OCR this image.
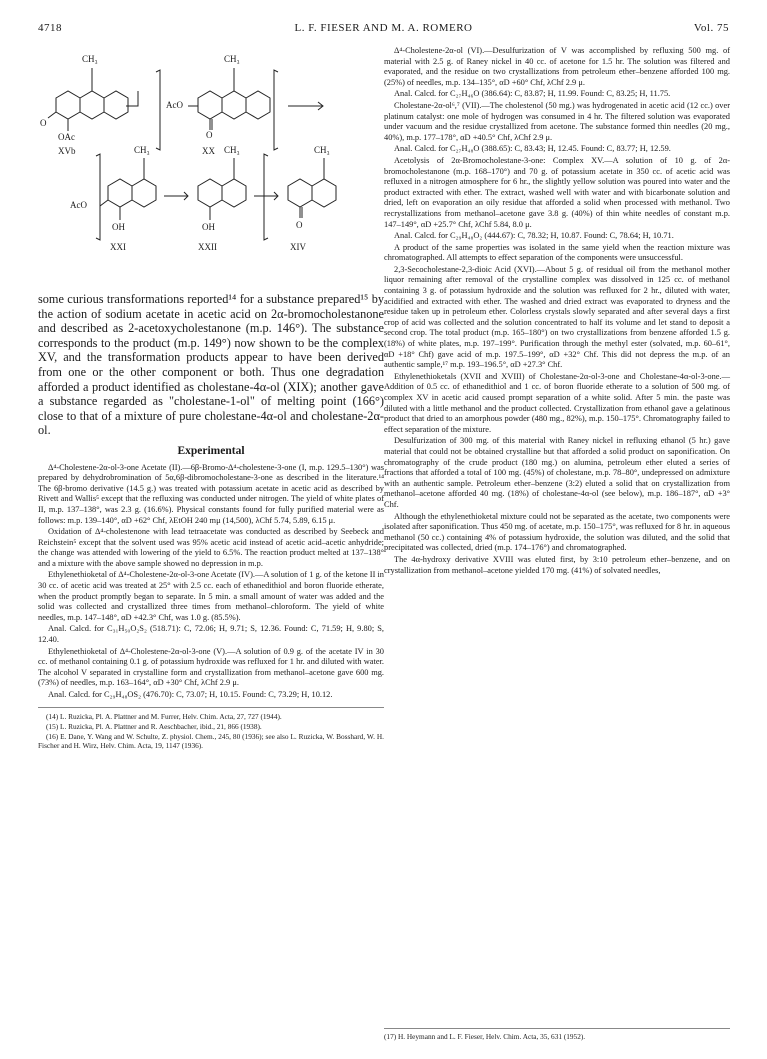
4718	L. F. FIESER AND M. A. ROMERO	Vol. 75
CH₃	CH₃
O
OAc
XVb
AcO
O
XX
CH₃	CH₃	CH₃
AcO
OH	OH	O
XXI	XXII	XIV
some curious transformations reported¹⁴ for a substance prepared¹⁵ by the action of sodium acetate in acetic acid on 2α-bromocholestanone and described as 2-acetoxycholestanone (m.p. 146°). The substance corresponds to the product (m.p. 149°) now shown to be the complex XV, and the transformation products appear to have been derived from one or the other component or both. Thus one degradation afforded a product identified as cholestane-4α-ol (XIX); another gave a substance regarded as "cholestane-1-ol" of melting point (166°) close to that of a mixture of pure cholestane-4α-ol and cholestane-2α-ol.
Experimental

Δ⁴-Cholestene-2α-ol-3-one Acetate (II).—6β-Bromo-Δ⁴-cholestene-3-one (I, m.p. 129.5–130°) was prepared by dehydrobromination of 5α,6β-dibromocholestane-3-one as described in the literature.¹⁴ The 6β-bromo derivative (14.5 g.) was treated with potassium acetate in acetic acid as described by Rivett and Wallis⁵ except that the refluxing was conducted under nitrogen. The yield of white plates of II, m.p. 137–138°, was 2.3 g. (16.6%). Physical constants found for fully purified material were as follows: m.p. 139–140°, αD +62° Chf, λEtOH 240 mμ (14,500), λChf 5.74, 5.89, 6.15 μ.

Oxidation of Δ⁴-cholestenone with lead tetraacetate was conducted as described by Seebeck and Reichstein⁵ except that the solvent used was 95% acetic acid instead of acetic acid–acetic anhydride; the change was attended with lowering of the yield to 6.5%. The reaction product melted at 137–138° and a mixture with the above sample showed no depression in m.p.

Ethylenethioketal of Δ⁴-Cholestene-2α-ol-3-one Acetate (IV).—A solution of 1 g. of the ketone II in 30 cc. of acetic acid was treated at 25° with 2.5 cc. each of ethanedithiol and boron fluoride etherate, when the product promptly began to separate. In 5 min. a small amount of water was added and the solid was collected and crystallized three times from methanol–chloroform. The yield of white needles, m.p. 147–148°, αD +42.3° Chf, was 1.0 g. (85.5%).

Anal. Calcd. for C₃₁H₅₀O₂S₂ (518.71): C, 72.06; H, 9.71; S, 12.36. Found: C, 71.59; H, 9.80; S, 12.40.

Ethylenethioketal of Δ⁴-Cholestene-2α-ol-3-one (V).—A solution of 0.9 g. of the acetate IV in 30 cc. of methanol containing 0.1 g. of potassium hydroxide was refluxed for 1 hr. and diluted with water. The alcohol V separated in crystalline form and crystallization from methanol–acetone gave 600 mg. (73%) of needles, m.p. 163–164°, αD +30° Chf, λChf 2.9 μ.

Anal. Calcd. for C₂₉H₄₈OS₂ (476.70): C, 73.07; H, 10.15. Found: C, 73.29; H, 10.12.

(14) L. Ruzicka, Pl. A. Plattner and M. Furrer, Helv. Chim. Acta, 27, 727 (1944).

(15) L. Ruzicka, Pl. A. Plattner and R. Aeschbacher, ibid., 21, 866 (1938).

(16) E. Dane, Y. Wang and W. Schulte, Z. physiol. Chem., 245, 80 (1936); see also L. Ruzicka, W. Bosshard, W. H. Fischer and H. Wirz, Helv. Chim. Acta, 19, 1147 (1936).

Δ⁴-Cholestene-2α-ol (VI).—Desulfurization of V was accomplished by refluxing 500 mg. of material with 2.5 g. of Raney nickel in 40 cc. of acetone for 1.5 hr. The solution was filtered and evaporated, and the residue on two crystallizations from petroleum ether–benzene afforded 100 mg. (25%) of needles, m.p. 134–135°, αD +60° Chf, λChf 2.9 μ.

Anal. Calcd. for C₂₇H₄₆O (386.64): C, 83.87; H, 11.99. Found: C, 83.25; H, 11.75.

Cholestane-2α-ol⁶,⁷ (VII).—The cholestenol (50 mg.) was hydrogenated in acetic acid (12 cc.) over platinum catalyst: one mole of hydrogen was consumed in 4 hr. The filtered solution was evaporated under vacuum and the residue crystallized from acetone. The substance formed thin needles (20 mg., 40%), m.p. 177–178°, αD +40.5° Chf, λChf 2.9 μ.

Anal. Calcd. for C₂₇H₄₈O (388.65): C, 83.43; H, 12.45. Found: C, 83.77; H, 12.59.

Acetolysis of 2α-Bromocholestane-3-one: Complex XV.—A solution of 10 g. of 2α-bromocholestanone (m.p. 168–170°) and 70 g. of potassium acetate in 350 cc. of acetic acid was refluxed in a nitrogen atmosphere for 6 hr., the slightly yellow solution was poured into water and the product extracted with ether. The extract, washed well with water and with bicarbonate solution and dried, left on evaporation an oily residue that afforded a solid when processed with methanol. Two recrystallizations from methanol–acetone gave 3.8 g. (40%) of thin white needles of constant m.p. 147–149°, αD +25.7° Chf, λChf 5.84, 8.0 μ.

Anal. Calcd. for C₂₉H₄₈O₂ (444.67): C, 78.32; H, 10.87. Found: C, 78.64; H, 10.71.

A product of the same properties was isolated in the same yield when the reaction mixture was chromatographed. All attempts to effect separation of the components were unsuccessful.

2,3-Secocholestane-2,3-dioic Acid (XVI).—About 5 g. of residual oil from the methanol mother liquor remaining after removal of the crystalline complex was dissolved in 125 cc. of methanol containing 3 g. of potassium hydroxide and the solution was refluxed for 2 hr., diluted with water, acidified and extracted with ether. The washed and dried extract was evaporated to dryness and the residue taken up in petroleum ether. Colorless crystals slowly separated and after several days a first crop of acid was collected and the solution concentrated to half its volume and let stand to deposit a second crop. The total product (m.p. 165–180°) on two crystallizations from benzene afforded 1.5 g. (18%) of white plates, m.p. 197–199°. Purification through the methyl ester (solvated, m.p. 60–61°, αD +18° Chf) gave acid of m.p. 197.5–199°, αD +32° Chf. This did not depress the m.p. of an authentic sample,¹⁷ m.p. 193–196.5°, αD +27.3° Chf.

Ethylenethioketals (XVII and XVIII) of Cholestane-2α-ol-3-one and Cholestane-4α-ol-3-one.—Addition of 0.5 cc. of ethanedithiol and 1 cc. of boron fluoride etherate to a solution of 500 mg. of complex XV in acetic acid caused prompt separation of a white solid. After 5 min. the paste was diluted with a little methanol and the product collected. Crystallization from ethanol gave a gelatinous product that dried to an amorphous powder (480 mg., 82%), m.p. 150–175°. Chromatography failed to effect separation of the mixture.

Desulfurization of 300 mg. of this material with Raney nickel in refluxing ethanol (5 hr.) gave material that could not be obtained crystalline but that afforded a solid product on saponification. On chromatography of the crude product (180 mg.) on alumina, petroleum ether eluted a series of fractions that afforded a total of 100 mg. (45%) of cholestane, m.p. 78–80°, undepressed on admixture with an authentic sample. Petroleum ether–benzene (3:2) eluted a solid that on crystallization from methanol–acetone afforded 40 mg. (18%) of cholestane-4α-ol (see below), m.p. 186–187°, αD +3° Chf.

Although the ethylenethioketal mixture could not be separated as the acetate, two components were isolated after saponification. Thus 450 mg. of acetate, m.p. 150–175°, was refluxed for 8 hr. in aqueous methanol (50 cc.) containing 4% of potassium hydroxide, the solution was diluted, and the solid that precipitated was collected, dried (m.p. 174–176°) and chromatographed.

The 4α-hydroxy derivative XVIII was eluted first, by 3:10 petroleum ether–benzene, and on crystallization from methanol–acetone yielded 170 mg. (41%) of solvated needles,

(17) H. Heymann and L. F. Fieser, Helv. Chim. Acta, 35, 631 (1952).
